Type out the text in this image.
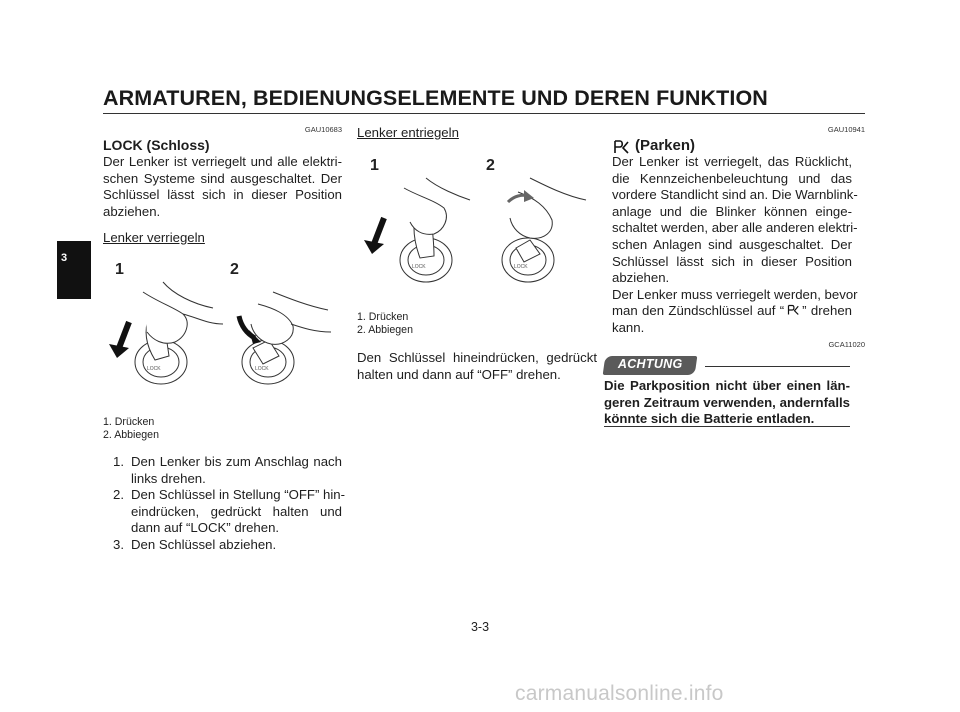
ARMATUREN, BEDIENUNGSELEMENTE UND DEREN FUNKTION
3
GAU10683
LOCK (Schloss)
Der Lenker ist verriegelt und alle elektri-
schen Systeme sind ausgeschaltet. Der
Schlüssel lässt sich in dieser Position
abziehen.
Lenker verriegeln
1	2
LOCK	LOCK
1. Drücken
2. Abbiegen
1. Den Lenker bis zum Anschlag nach
links drehen.
2. Den Schlüssel in Stellung “OFF” hin-
eindrücken, gedrückt halten und
dann auf “LOCK” drehen.
3. Den Schlüssel abziehen.
Lenker entriegeln
1	2
LOCK	LOCK
1. Drücken
2. Abbiegen
Den Schlüssel hineindrücken, gedrückt
halten und dann auf “OFF” drehen.
GAU10941
(Parken)
Der Lenker ist verriegelt, das Rücklicht,
die Kennzeichenbeleuchtung und das
vordere Standlicht sind an. Die Warnblink-
anlage und die Blinker können einge-
schaltet werden, aber alle anderen elektri-
schen Anlagen sind ausgeschaltet. Der
Schlüssel lässt sich in dieser Position
abziehen.
Der Lenker muss verriegelt werden, bevor
man den Zündschlüssel auf “ ” drehen
kann.
GCA11020
ACHTUNG
Die Parkposition nicht über einen län-
geren Zeitraum verwenden, andernfalls
könnte sich die Batterie entladen.
3-3
carmanualsonline.info
